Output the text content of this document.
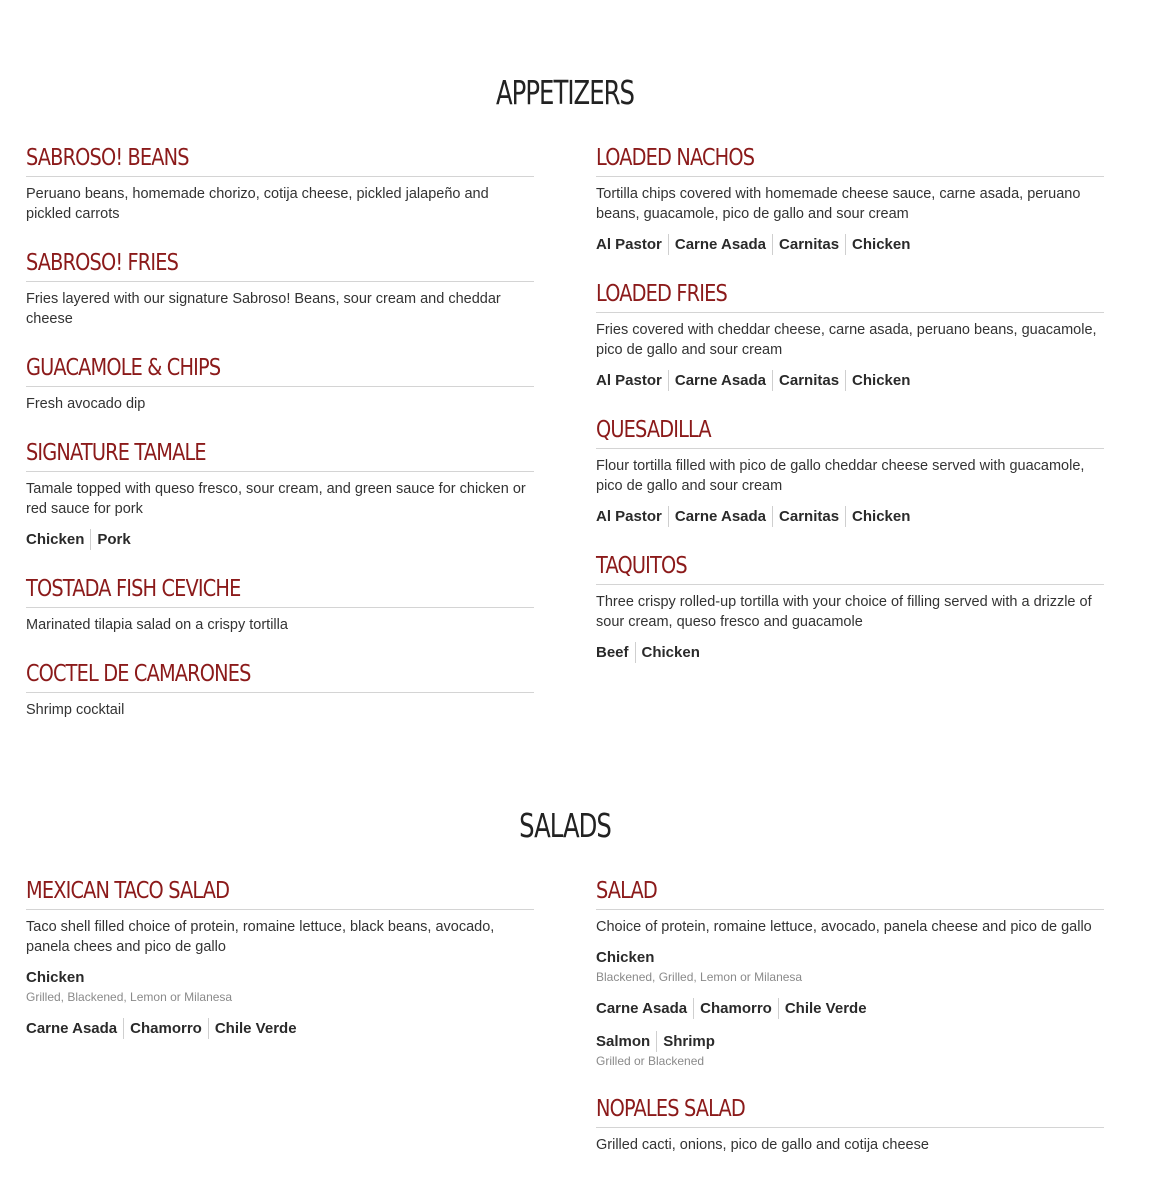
APPETIZERS
SABROSO! BEANS
Peruano beans, homemade chorizo, cotija cheese, pickled jalapeño and pickled carrots
SABROSO! FRIES
Fries layered with our signature Sabroso! Beans, sour cream and cheddar cheese
GUACAMOLE & CHIPS
Fresh avocado dip
SIGNATURE TAMALE
Tamale topped with queso fresco, sour cream, and green sauce for chicken or red sauce for pork
Chicken Pork
TOSTADA FISH CEVICHE
Marinated tilapia salad on a crispy tortilla
COCTEL DE CAMARONES
Shrimp cocktail
LOADED NACHOS
Tortilla chips covered with homemade cheese sauce, carne asada, peruano beans, guacamole, pico de gallo and sour cream
Al Pastor Carne Asada Carnitas Chicken
LOADED FRIES
Fries covered with cheddar cheese, carne asada, peruano beans, guacamole, pico de gallo and sour cream
Al Pastor Carne Asada Carnitas Chicken
QUESADILLA
Flour tortilla filled with pico de gallo cheddar cheese served with guacamole, pico de gallo and sour cream
Al Pastor Carne Asada Carnitas Chicken
TAQUITOS
Three crispy rolled-up tortilla with your choice of filling served with a drizzle of sour cream, queso fresco and guacamole
Beef Chicken
SALADS
MEXICAN TACO SALAD
Taco shell filled choice of protein, romaine lettuce, black beans, avocado, panela chees and pico de gallo
Chicken
Grilled, Blackened, Lemon or Milanesa
Carne Asada Chamorro Chile Verde
SALAD
Choice of protein, romaine lettuce, avocado, panela cheese and pico de gallo
Chicken
Blackened, Grilled, Lemon or Milanesa
Carne Asada Chamorro Chile Verde
Salmon Shrimp
Grilled or Blackened
NOPALES SALAD
Grilled cacti, onions, pico de gallo and cotija cheese
